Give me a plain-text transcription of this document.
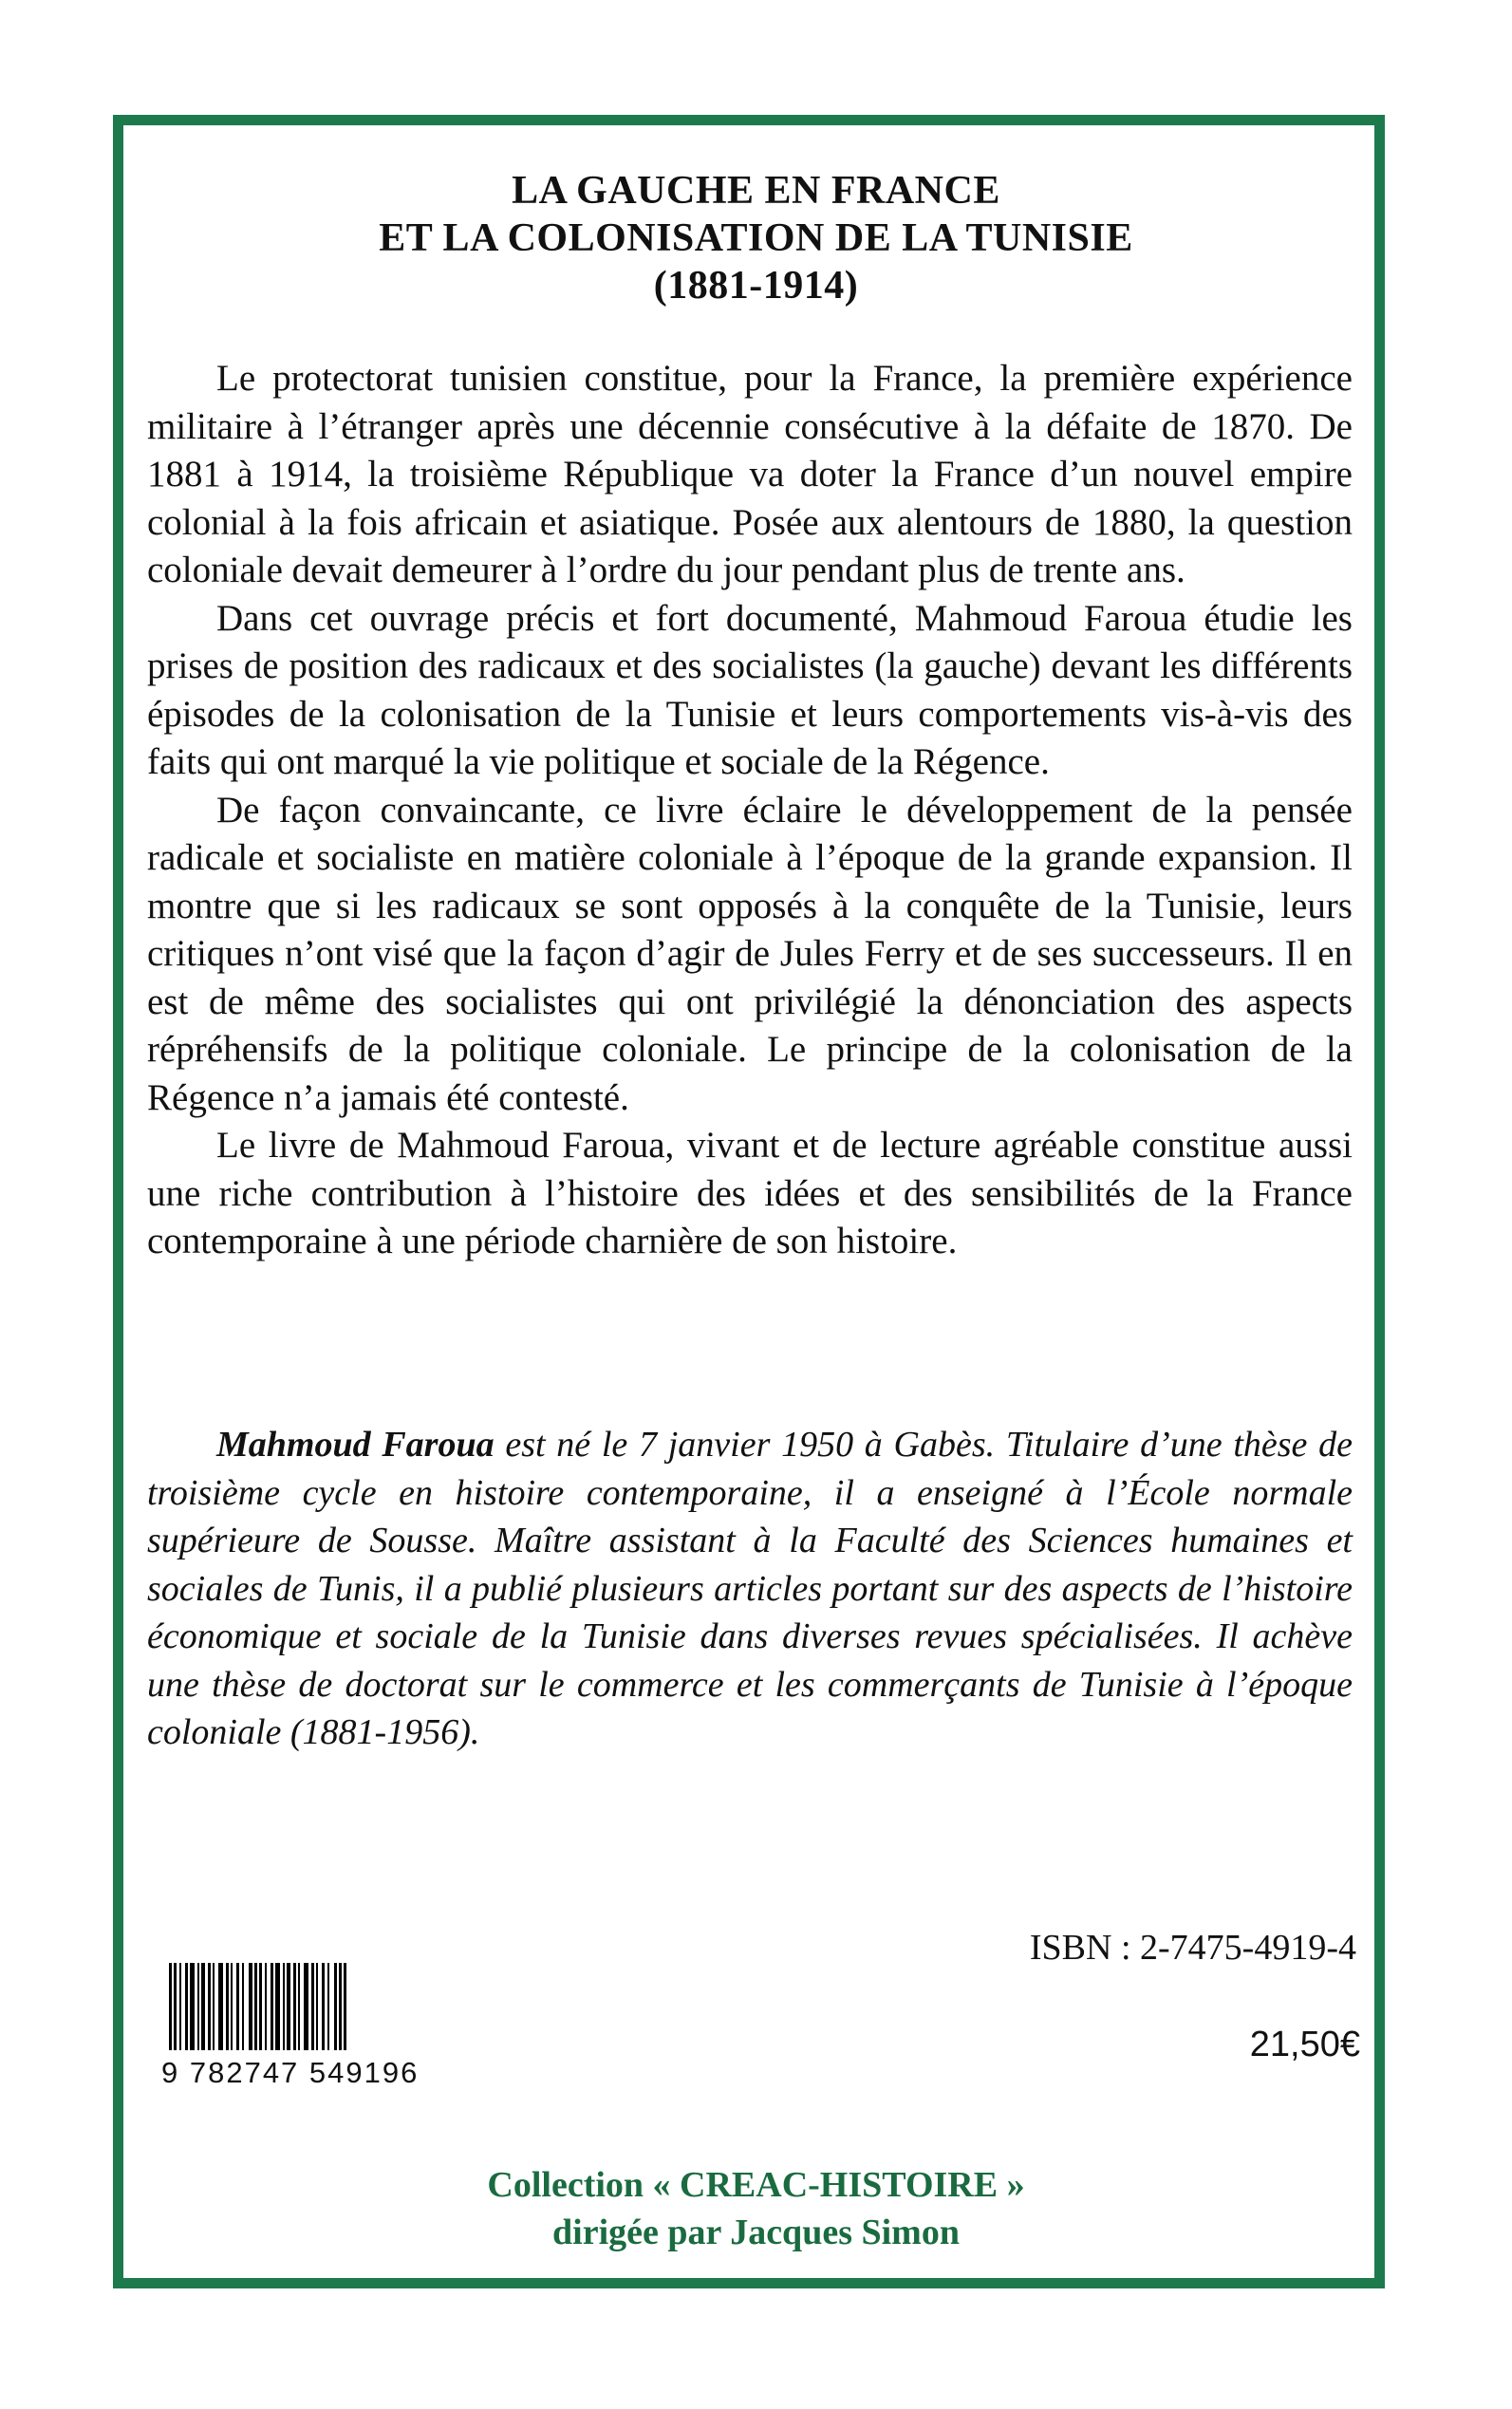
LA GAUCHE EN FRANCE
ET LA COLONISATION DE LA TUNISIE
(1881-1914)

Le protectorat tunisien constitue, pour la France, la première expérience militaire à l’étranger après une décennie consécutive à la défaite de 1870. De 1881 à 1914, la troisième République va doter la France d’un nouvel empire colonial à la fois africain et asiatique. Posée aux alentours de 1880, la question coloniale devait demeurer à l’ordre du jour pendant plus de trente ans.

Dans cet ouvrage précis et fort documenté, Mahmoud Faroua étudie les prises de position des radicaux et des socialistes (la gauche) devant les différents épisodes de la colonisation de la Tunisie et leurs comportements vis-à-vis des faits qui ont marqué la vie politique et sociale de la Régence.

De façon convaincante, ce livre éclaire le développement de la pensée radicale et socialiste en matière coloniale à l’époque de la grande expansion. Il montre que si les radicaux se sont opposés à la conquête de la Tunisie, leurs critiques n’ont visé que la façon d’agir de Jules Ferry et de ses successeurs. Il en est de même des socialistes qui ont privilégié la dénonciation des aspects répréhensifs de la politique coloniale. Le principe de la colonisation de la Régence n’a jamais été contesté.

Le livre de Mahmoud Faroua, vivant et de lecture agréable constitue aussi une riche contribution à l’histoire des idées et des sensibilités de la France contemporaine à une période charnière de son histoire.

Mahmoud Faroua est né le 7 janvier 1950 à Gabès. Titulaire d’une thèse de troisième cycle en histoire contemporaine, il a enseigné à l’École normale supérieure de Sousse. Maître assistant à la Faculté des Sciences humaines et sociales de Tunis, il a publié plusieurs articles portant sur des aspects de l’histoire économique et sociale de la Tunisie dans diverses revues spécialisées. Il achève une thèse de doctorat sur le commerce et les commerçants de Tunisie à l’époque coloniale (1881-1956).
9 782747 549196
ISBN : 2-7475-4919-4
21,50€
Collection « CREAC-HISTOIRE »
dirigée par Jacques Simon
